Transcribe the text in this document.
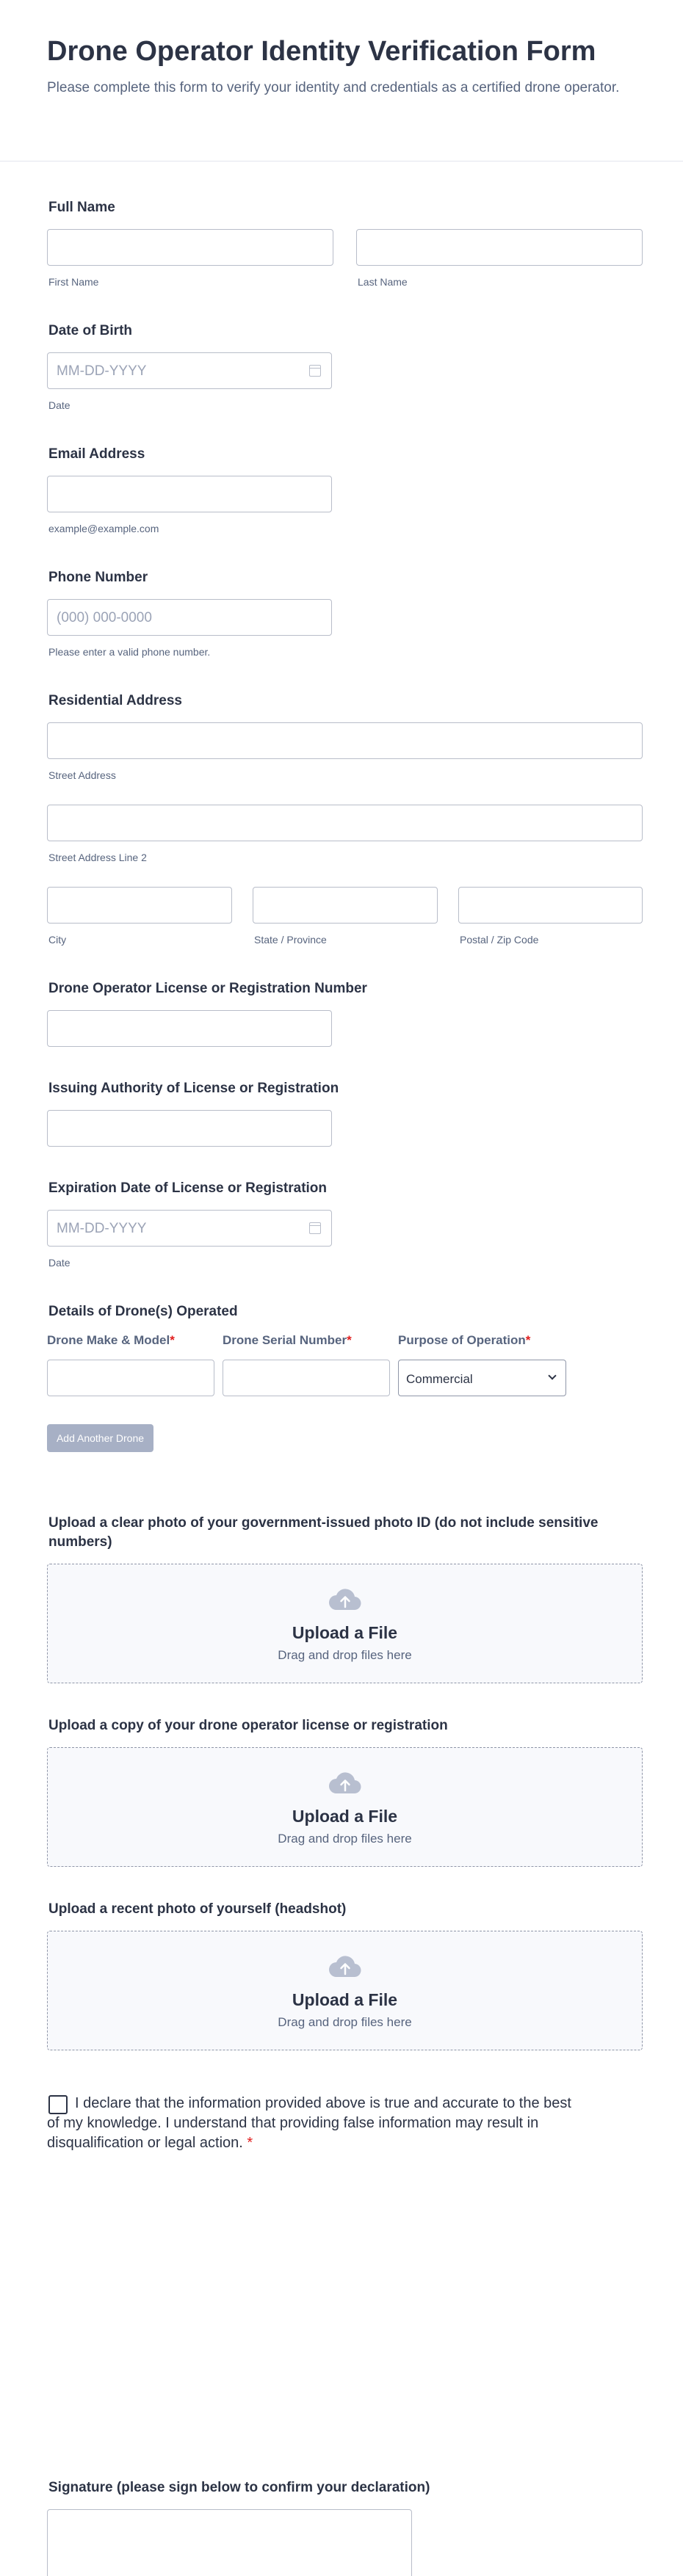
Drone Operator Identity Verification Form

Please complete this form to verify your identity and credentials as a certified drone operator.

Full Name
First Name	Last Name
Date of Birth
MM-DD-YYYY
Date
Email Address
example@example.com
Phone Number
(000) 000-0000
Please enter a valid phone number.
Residential Address
Street Address
Street Address Line 2
City	State / Province	Postal / Zip Code
Drone Operator License or Registration Number
Issuing Authority of License or Registration
Expiration Date of License or Registration
MM-DD-YYYY
Date
Details of Drone(s) Operated
Drone Make & Model*	Drone Serial Number*	Purpose of Operation*
Commercial
Add Another Drone
Upload a clear photo of your government-issued photo ID (do not include sensitive numbers)
Upload a File
Drag and drop files here
Upload a copy of your drone operator license or registration
Upload a File
Drag and drop files here
Upload a recent photo of yourself (headshot)
Upload a File
Drag and drop files here
I declare that the information provided above is true and accurate to the best of my knowledge. I understand that providing false information may result in disqualification or legal action. *
Signature (please sign below to confirm your declaration)
